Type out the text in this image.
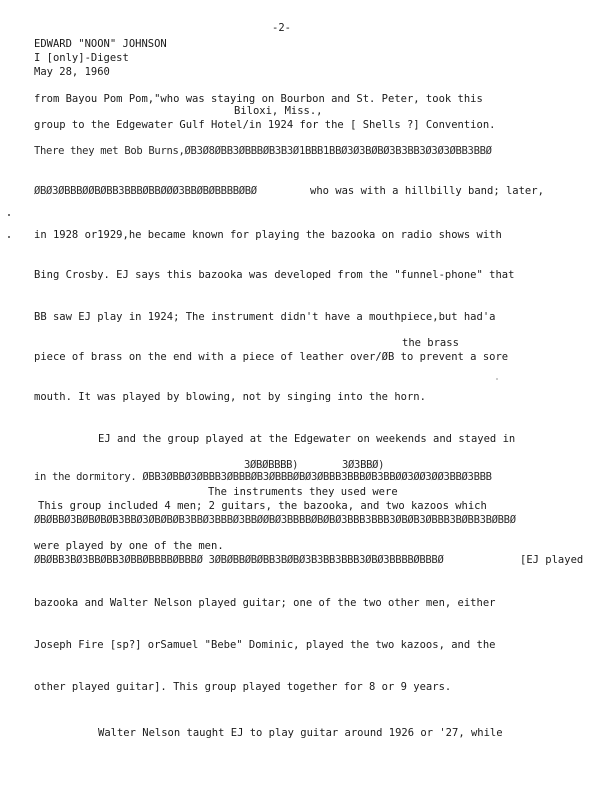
-2-
EDWARD "NOON" JOHNSON
I [only]-Digest
May 28, 1960
from Bayou Pom Pom,"who was staying on Bourbon and St. Peter, took this
Biloxi, Miss.,
group to the Edgewater Gulf Hotel/in 1924 for the [ Shells ?] Convention.
There they met Bob Burns,ØB3Ø8ØBB3ØBBBØB3B3Ø1BBB1BBØ3Ø3BØBØ3B3BB3Ø3Ø3ØBB3BBØ
ØBØ3ØBBBØØBØBB3BBBØBBØØØ3BBØBØBBBBØBØ	who was with a hillbilly band; later,
in 1928 or1929,he became known for playing the bazooka on radio shows with
Bing Crosby. EJ says this bazooka was developed from the "funnel-phone" that
BB saw EJ play in 1924; The instrument didn't have a mouthpiece,but had'a
the brass
piece of brass on the end with a piece of leather over/ØB to prevent a sore
mouth. It was played by blowing, not by singing into the horn.
EJ and the group played at the Edgewater on weekends and stayed in
3ØBØBBBB)	3Ø3BBØ)
in the dormitory. ØBB3ØBBØ3ØBBB3ØBBBØB3ØBBBØBØ3ØBBB3BBBØB3BBØØ3ØØ3ØØ3BBØ3BBB
The instruments they used were
This group included 4 men; 2 guitars, the bazooka, and two kazoos which
ØBØBBØ3BØBØBØB3BBØ3ØBØBØB3BBØ3BBBØ3BBØØBØ3BBBBØBØBØ3BBB3BBB3ØBØB3ØBBB3BØBB3BØBBØ
were played by one of the men.
ØBØBB3BØ3BBØBB3ØBBØBBBBØBBBØ 3ØBØBBØBØBB3BØBØ3B3BB3BBB3ØBØ3BBBBØBBBØ	[EJ played
bazooka and Walter Nelson played guitar; one of the two other men, either
Joseph Fire [sp?] orSamuel "Bebe" Dominic, played the two kazoos, and the
other played guitar]. This group played together for 8 or 9 years.
Walter Nelson taught EJ to play guitar around 1926 or '27, while
